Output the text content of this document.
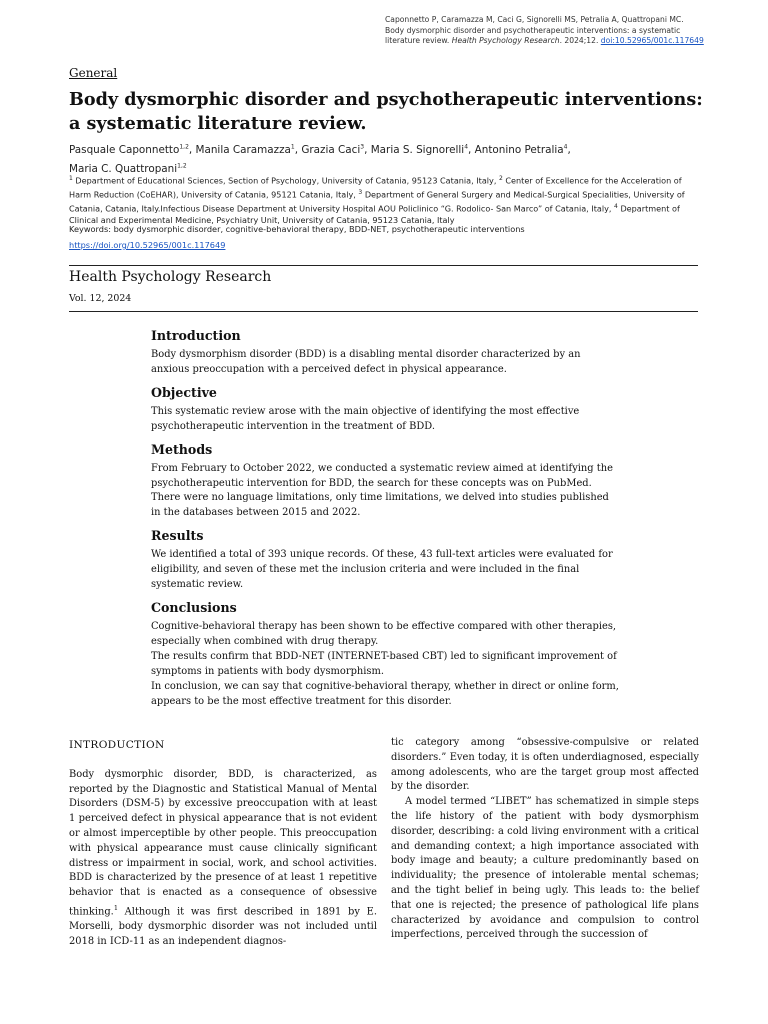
Caponnetto P, Caramazza M, Caci G, Signorelli MS, Petralia A, Quattropani MC. Body dysmorphic disorder and psychotherapeutic interventions: a systematic literature review. Health Psychology Research. 2024;12. doi:10.52965/001c.117649
General
Body dysmorphic disorder and psychotherapeutic interventions: a systematic literature review.
Pasquale Caponnetto$^{1,2}$, Manila Caramazza$^1$, Grazia Caci$^3$, Maria S. Signorelli$^4$, Antonino Petralia$^4$,
Maria C. Quattropani$^{1,2}$
$^1$ Department of Educational Sciences, Section of Psychology, University of Catania, 95123 Catania, Italy, $^2$ Center of Excellence for the Acceleration of Harm Reduction (CoEHAR), University of Catania, 95121 Catania, Italy, $^3$ Department of General Surgery and Medical-Surgical Specialities, University of Catania, Catania, Italy.Infectious Disease Department at University Hospital AOU Policlinico “G. Rodolico- San Marco” of Catania, Italy, $^4$ Department of Clinical and Experimental Medicine, Psychiatry Unit, University of Catania, 95123 Catania, Italy
Keywords: body dysmorphic disorder, cognitive-behavioral therapy, BDD-NET, psychotherapeutic interventions
https://doi.org/10.52965/001c.117649
Health Psychology Research
Vol. 12, 2024
Introduction

Body dysmorphism disorder (BDD) is a disabling mental disorder characterized by an anxious preoccupation with a perceived defect in physical appearance.

Objective

This systematic review arose with the main objective of identifying the most effective psychotherapeutic intervention in the treatment of BDD.

Methods

From February to October 2022, we conducted a systematic review aimed at identifying the psychotherapeutic intervention for BDD, the search for these concepts was on PubMed. There were no language limitations, only time limitations, we delved into studies published in the databases between 2015 and 2022.

Results

We identified a total of 393 unique records. Of these, 43 full-text articles were evaluated for eligibility, and seven of these met the inclusion criteria and were included in the final systematic review.

Conclusions

Cognitive-behavioral therapy has been shown to be effective compared with other therapies, especially when combined with drug therapy.

The results confirm that BDD-NET (INTERNET-based CBT) led to significant improvement of symptoms in patients with body dysmorphism.

In conclusion, we can say that cognitive-behavioral therapy, whether in direct or online form, appears to be the most effective treatment for this disorder.

INTRODUCTION

Body dysmorphic disorder, BDD, is characterized, as reported by the Diagnostic and Statistical Manual of Mental Disorders (DSM-5) by excessive preoccupation with at least 1 perceived defect in physical appearance that is not evident or almost imperceptible by other people. This preoccupation with physical appearance must cause clinically significant distress or impairment in social, work, and school activities. BDD is characterized by the presence of at least 1 repetitive behavior that is enacted as a consequence of obsessive thinking.$^1$ Although it was first described in 1891 by E. Morselli, body dysmorphic disorder was not included until 2018 in ICD-11 as an independent diagnos-

tic category among “obsessive-compulsive or related disorders.” Even today, it is often underdiagnosed, especially among adolescents, who are the target group most affected by the disorder.

A model termed “LIBET” has schematized in simple steps the life history of the patient with body dysmorphism disorder, describing: a cold living environment with a critical and demanding context; a high importance associated with body image and beauty; a culture predominantly based on individuality; the presence of intolerable mental schemas; and the tight belief in being ugly. This leads to: the belief that one is rejected; the presence of pathological life plans characterized by avoidance and compulsion to control imperfections, perceived through the succession of
